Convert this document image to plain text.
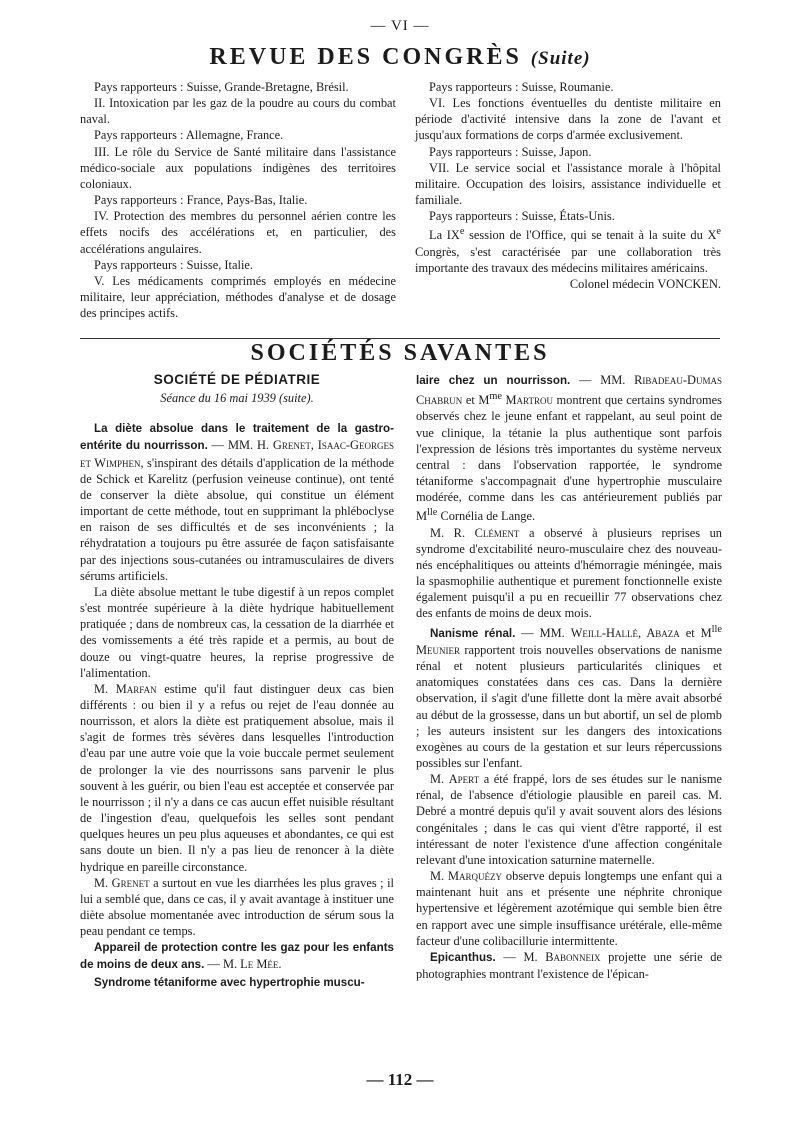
— VI —
REVUE DES CONGRÈS (Suite)

Pays rapporteurs : Suisse, Grande-Bretagne, Brésil.

II. Intoxication par les gaz de la poudre au cours du combat naval.

Pays rapporteurs : Allemagne, France.

III. Le rôle du Service de Santé militaire dans l'assistance médico-sociale aux populations indigènes des territoires coloniaux.

Pays rapporteurs : France, Pays-Bas, Italie.

IV. Protection des membres du personnel aérien contre les effets nocifs des accélérations et, en particulier, des accélérations angulaires.

Pays rapporteurs : Suisse, Italie.

V. Les médicaments comprimés employés en médecine militaire, leur appréciation, méthodes d'analyse et de dosage des principes actifs.

Pays rapporteurs : Suisse, Roumanie.

VI. Les fonctions éventuelles du dentiste militaire en période d'activité intensive dans la zone de l'avant et jusqu'aux formations de corps d'armée exclusivement.

Pays rapporteurs : Suisse, Japon.

VII. Le service social et l'assistance morale à l'hôpital militaire. Occupation des loisirs, assistance individuelle et familiale.

Pays rapporteurs : Suisse, États-Unis.

La IXe session de l'Office, qui se tenait à la suite du Xe Congrès, s'est caractérisée par une collaboration très importante des travaux des médecins militaires américains.

Colonel médecin VONCKEN.

SOCIÉTÉS SAVANTES
SOCIÉTÉ DE PÉDIATRIE
Séance du 16 mai 1939 (suite).

La diète absolue dans le traitement de la gastro-entérite du nourrisson. — MM. H. Grenet, Isaac-Georges et Wimphen, s'inspirant des détails d'application de la méthode de Schick et Karelitz (perfusion veineuse continue), ont tenté de conserver la diète absolue, qui constitue un élément important de cette méthode, tout en supprimant la phléboclyse en raison de ses difficultés et de ses inconvénients ; la réhydratation a toujours pu être assurée de façon satisfaisante par des injections sous-cutanées ou intramusculaires de divers sérums artificiels.

La diète absolue mettant le tube digestif à un repos complet s'est montrée supérieure à la diète hydrique habituellement pratiquée ; dans de nombreux cas, la cessation de la diarrhée et des vomissements a été très rapide et a permis, au bout de douze ou vingt-quatre heures, la reprise progressive de l'alimentation.

M. Marfan estime qu'il faut distinguer deux cas bien différents : ou bien il y a refus ou rejet de l'eau donnée au nourrisson, et alors la diète est pratiquement absolue, mais il s'agit de formes très sévères dans lesquelles l'introduction d'eau par une autre voie que la voie buccale permet seulement de prolonger la vie des nourrissons sans parvenir le plus souvent à les guérir, ou bien l'eau est acceptée et conservée par le nourrisson ; il n'y a dans ce cas aucun effet nuisible résultant de l'ingestion d'eau, quelquefois les selles sont pendant quelques heures un peu plus aqueuses et abondantes, ce qui est sans doute un bien. Il n'y a pas lieu de renoncer à la diète hydrique en pareille circonstance.

M. Grenet a surtout en vue les diarrhées les plus graves ; il lui a semblé que, dans ce cas, il y avait avantage à instituer une diète absolue momentanée avec introduction de sérum sous la peau pendant ce temps.

Appareil de protection contre les gaz pour les enfants de moins de deux ans. — M. Le Mée.

Syndrome tétaniforme avec hypertrophie muscu-

laire chez un nourrisson. — MM. Ribadeau-Dumas Chabrun et $M^{me}$ Martrou montrent que certains syndromes observés chez le jeune enfant et rappelant, au seul point de vue clinique, la tétanie la plus authentique sont parfois l'expression de lésions très importantes du système nerveux central : dans l'observation rapportée, le syndrome tétaniforme s'accompagnait d'une hypertrophie musculaire modérée, comme dans les cas antérieurement publiés par $M^{lle}$ Cornélia de Lange.

M. R. Clément a observé à plusieurs reprises un syndrome d'excitabilité neuro-musculaire chez des nouveau-nés encéphalitiques ou atteints d'hémorragie méningée, mais la spasmophilie authentique et purement fonctionnelle existe également puisqu'il a pu en recueillir 77 observations chez des enfants de moins de deux mois.

Nanisme rénal. — MM. Weill-Hallé, Abaza et $M^{lle}$ Meunier rapportent trois nouvelles observations de nanisme rénal et notent plusieurs particularités cliniques et anatomiques constatées dans ces cas. Dans la dernière observation, il s'agit d'une fillette dont la mère avait absorbé au début de la grossesse, dans un but abortif, un sel de plomb ; les auteurs insistent sur les dangers des intoxications exogènes au cours de la gestation et sur leurs répercussions possibles sur l'enfant.

M. Apert a été frappé, lors de ses études sur le nanisme rénal, de l'absence d'étiologie plausible en pareil cas. M. Debré a montré depuis qu'il y avait souvent alors des lésions congénitales ; dans le cas qui vient d'être rapporté, il est intéressant de noter l'existence d'une affection congénitale relevant d'une intoxication saturnine maternelle.

M. Marquézy observe depuis longtemps une enfant qui a maintenant huit ans et présente une néphrite chronique hypertensive et légèrement azotémique qui semble bien être en rapport avec une simple insuffisance urétérale, elle-même facteur d'une colibacillurie intermittente.

Epicanthus. — M. Babonneix projette une série de photographies montrant l'existence de l'épican-

— 112 —
